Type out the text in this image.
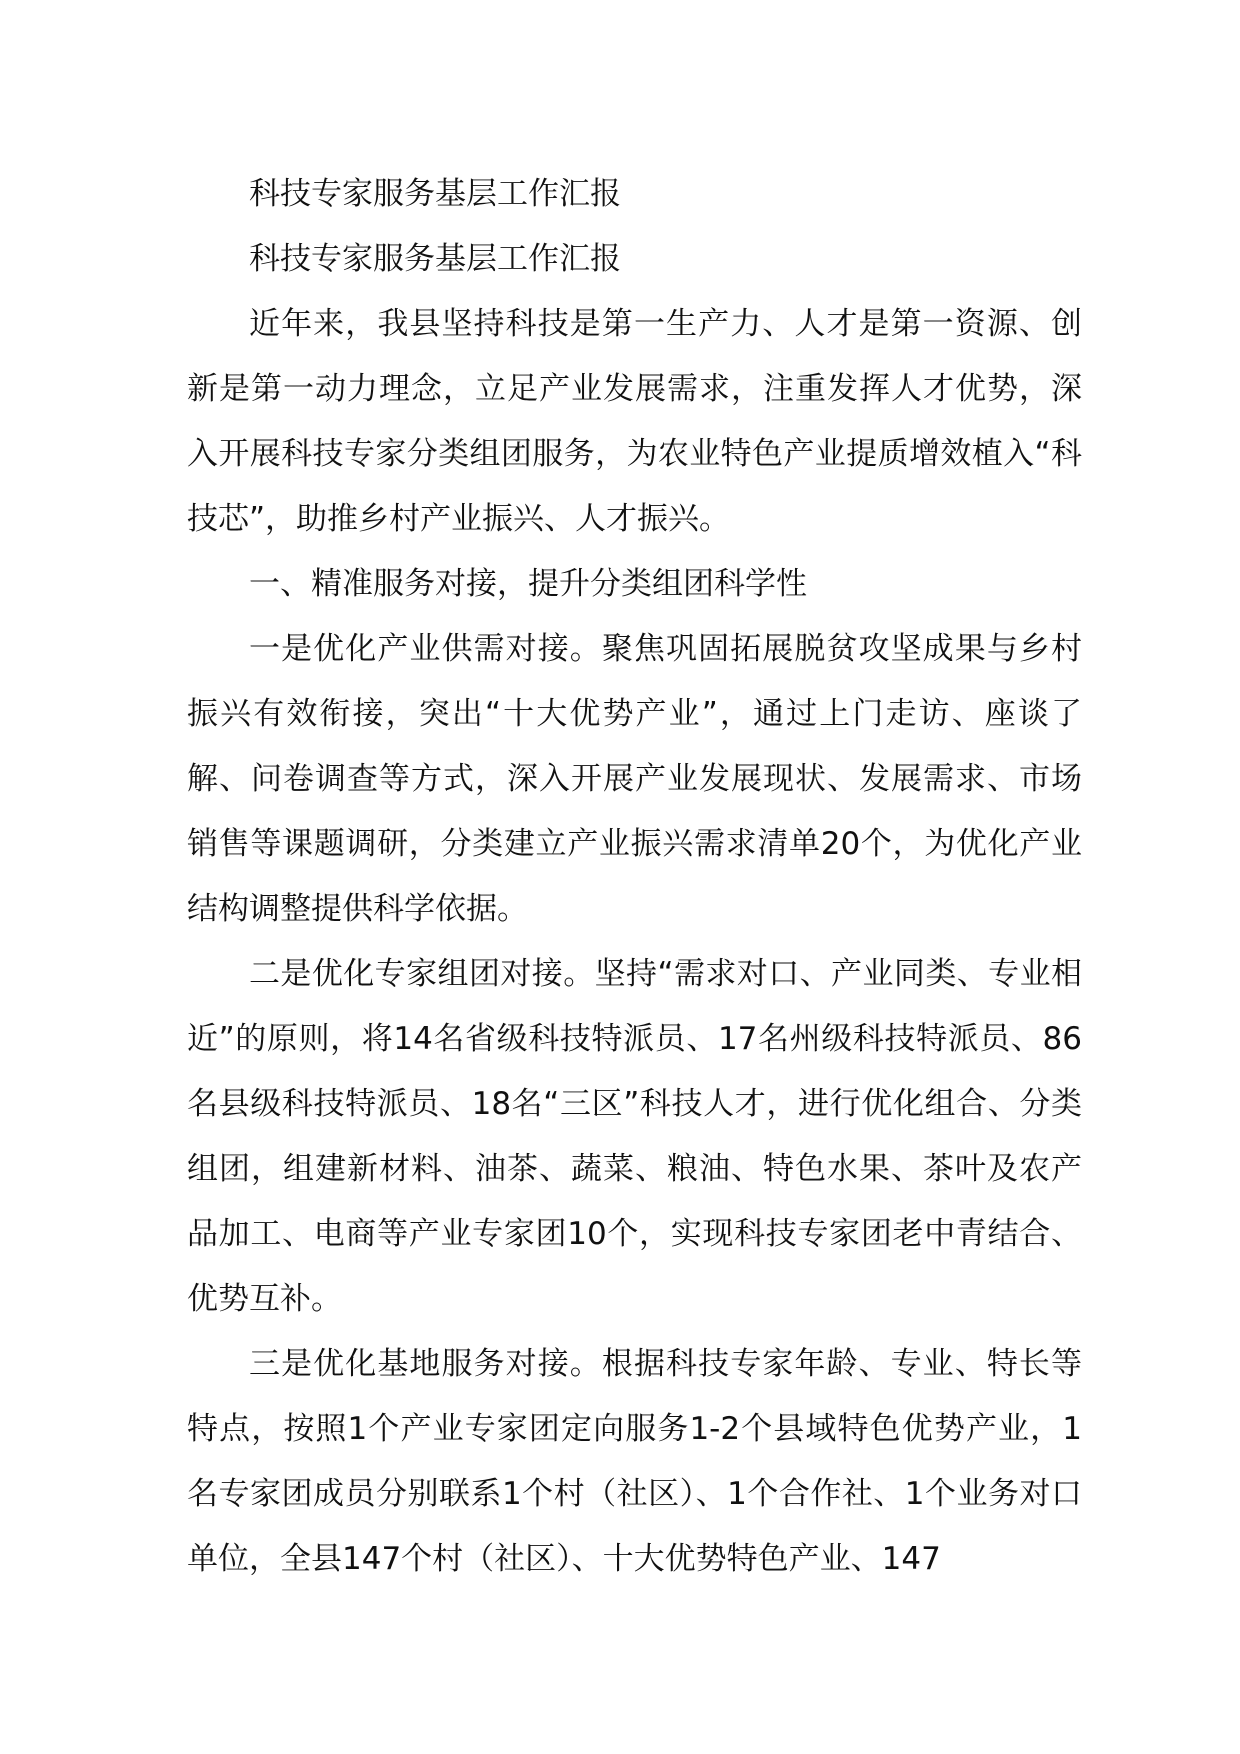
科技专家服务基层工作汇报

科技专家服务基层工作汇报

近年来，我县坚持科技是第一生产力、人才是第一资源、创新是第一动力理念，立足产业发展需求，注重发挥人才优势，深入开展科技专家分类组团服务，为农业特色产业提质增效植入“科技芯”，助推乡村产业振兴、人才振兴。

一、精准服务对接，提升分类组团科学性

一是优化产业供需对接。聚焦巩固拓展脱贫攻坚成果与乡村振兴有效衔接，突出“十大优势产业”，通过上门走访、座谈了解、问卷调查等方式，深入开展产业发展现状、发展需求、市场销售等课题调研，分类建立产业振兴需求清单20个，为优化产业结构调整提供科学依据。

二是优化专家组团对接。坚持“需求对口、产业同类、专业相近”的原则，将14名省级科技特派员、17名州级科技特派员、86名县级科技特派员、18名“三区”科技人才，进行优化组合、分类组团，组建新材料、油茶、蔬菜、粮油、特色水果、茶叶及农产品加工、电商等产业专家团10个，实现科技专家团老中青结合、优势互补。

三是优化基地服务对接。根据科技专家年龄、专业、特长等特点，按照1个产业专家团定向服务1-2个县域特色优势产业，1名专家团成员分别联系1个村（社区）、1个合作社、1个业务对口单位，全县147个村（社区）、十大优势特色产业、147
